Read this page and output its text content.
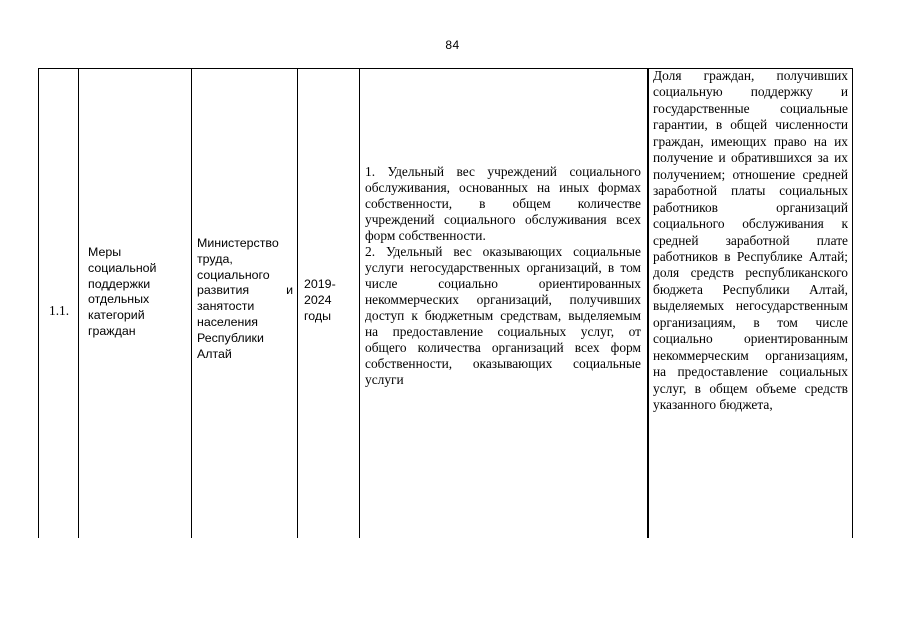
84
1.1.
Меры социальной поддержки отдельных категорий граждан
Министерство труда, социального развития и занятости населения Республики Алтай
2019-2024 годы

1. Удельный вес учреждений социального обслуживания, основанных на иных формах собственности, в общем количестве учреждений социального обслуживания всех форм собственности.

2. Удельный вес оказывающих социальные услуги негосударственных организаций, в том числе социально ориентированных некоммерческих организаций, получивших доступ к бюджетным средствам, выделяемым на предоставление социальных услуг, от общего количества организаций всех форм собственности, оказывающих социальные услуги

Доля граждан, получивших социальную поддержку и государственные социальные гарантии, в общей численности граждан, имеющих право на их получение и обратившихся за их получением; отношение средней заработной платы социальных работников организаций социального обслуживания к средней заработной плате работников в Республике Алтай; доля средств республиканского бюджета Республики Алтай, выделяемых негосударственным организациям, в том числе социально ориентированным некоммерческим организациям, на предоставление социальных услуг, в общем объеме средств указанного бюджета,
